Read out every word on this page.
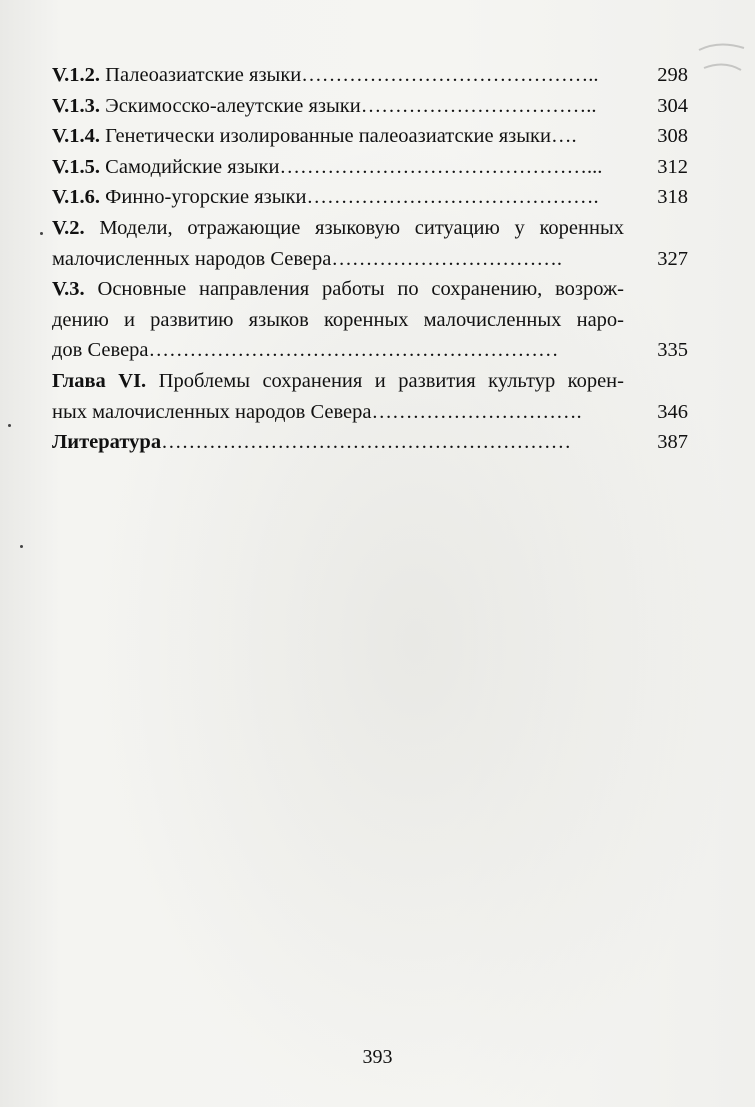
V.1.2. Палеоазиатские языки ……………………………………..	298
V.1.3. Эскимосско-алеутские языки ……………………………..	304
V.1.4. Генетически изолированные палеоазиатские языки ….	308
V.1.5. Самодийские языки ………………………………………...	312
V.1.6. Финно-угорские языки …………………………………….	318
V.2. Модели, отражающие языковую ситуацию у коренных
малочисленных народов Севера …………………………….	327
V.3. Основные направления работы по сохранению, возрож-
дению и развитию языков коренных малочисленных наро-
дов Севера ……………………………………………………	335
Глава VI. Проблемы сохранения и развития культур корен-
ных малочисленных народов Севера ………………………….	346
Литература ……………………………………………………	387
393
